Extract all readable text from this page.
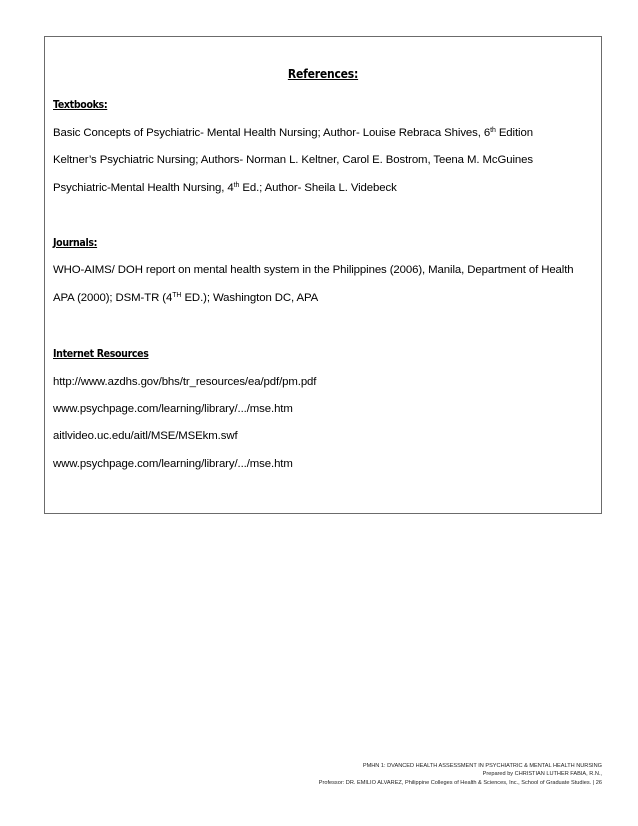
References:
Textbooks:
Basic Concepts of Psychiatric- Mental Health Nursing; Author- Louise Rebraca Shives, 6th Edition
Keltner’s Psychiatric Nursing; Authors- Norman L. Keltner, Carol E. Bostrom, Teena M. McGuines
Psychiatric-Mental Health Nursing, 4th Ed.; Author- Sheila L. Videbeck
Journals:
WHO-AIMS/ DOH report on mental health system in the Philippines (2006), Manila, Department of Health
APA (2000); DSM-TR (4TH ED.); Washington DC, APA
Internet Resources
http://www.azdhs.gov/bhs/tr_resources/ea/pdf/pm.pdf
www.psychpage.com/learning/library/.../mse.htm
aitlvideo.uc.edu/aitl/MSE/MSEkm.swf
www.psychpage.com/learning/library/.../mse.htm
PMHN 1: DVANCED HEALTH ASSESSMENT IN PSYCHIATRIC & MENTAL HEALTH NURSING
Prepared by CHRISTIAN LUTHER FABIA, R.N.,
Professor: DR. EMILIO ALVAREZ, Philippine Colleges of Health & Sciences, Inc., School of Graduate Studies. | 26
